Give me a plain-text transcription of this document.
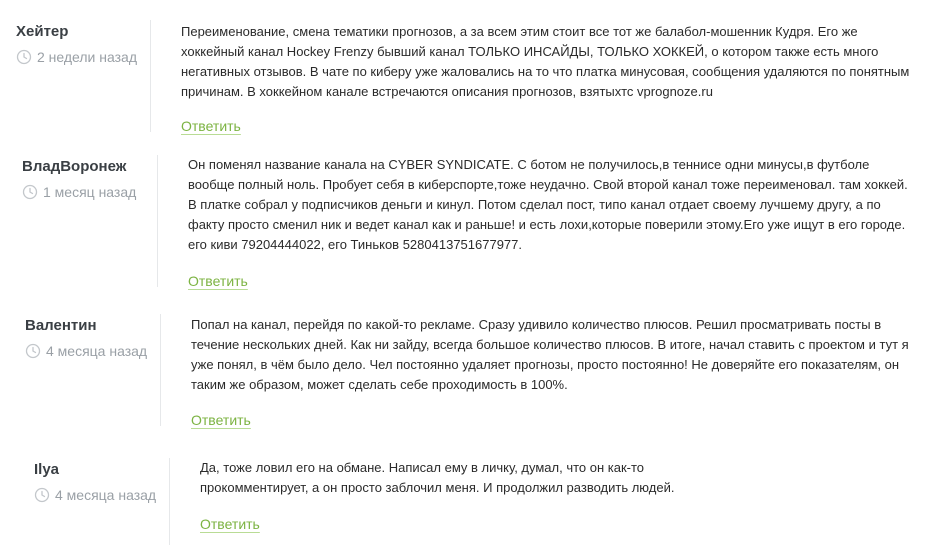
Хейтер
2 недели назад

Переименование, смена тематики прогнозов, а за всем этим стоит все тот же балабол-мошенник Кудря. Его же хоккейный канал Hockey Frenzy бывший канал ТОЛЬКО ИНСАЙДЫ, ТОЛЬКО ХОККЕЙ, о котором также есть много негативных отзывов. В чате по киберу уже жаловались на то что платка минусовая, сообщения удаляются по понятным причинам. В хоккейном канале встречаются описания прогнозов, взятыхтс vprognoze.ru

Ответить
ВладВоронеж
1 месяц назад

Он поменял название канала на CYBER SYNDICATE. С ботом не получилось,в теннисе одни минусы,в футболе вообще полный ноль. Пробует себя в киберспорте,тоже неудачно. Свой второй канал тоже переименовал. там хоккей. В платке собрал у подписчиков деньги и кинул. Потом сделал пост, типо канал отдает своему лучшему другу, а по факту просто сменил ник и ведет канал как и раньше! и есть лохи,которые поверили этому.Его уже ищут в его городе. его киви 79204444022, его Тиньков 5280413751677977.

Ответить
Валентин
4 месяца назад

Попал на канал, перейдя по какой-то рекламе. Сразу удивило количество плюсов. Решил просматривать посты в течение нескольких дней. Как ни зайду, всегда большое количество плюсов. В итоге, начал ставить с проектом и тут я уже понял, в чём было дело. Чел постоянно удаляет прогнозы, просто постоянно! Не доверяйте его показателям, он таким же образом, может сделать себе проходимость в 100%.

Ответить
Ilya
4 месяца назад

Да, тоже ловил его на обмане. Написал ему в личку, думал, что он как-то прокомментирует, а он просто заблочил меня. И продолжил разводить людей.

Ответить
